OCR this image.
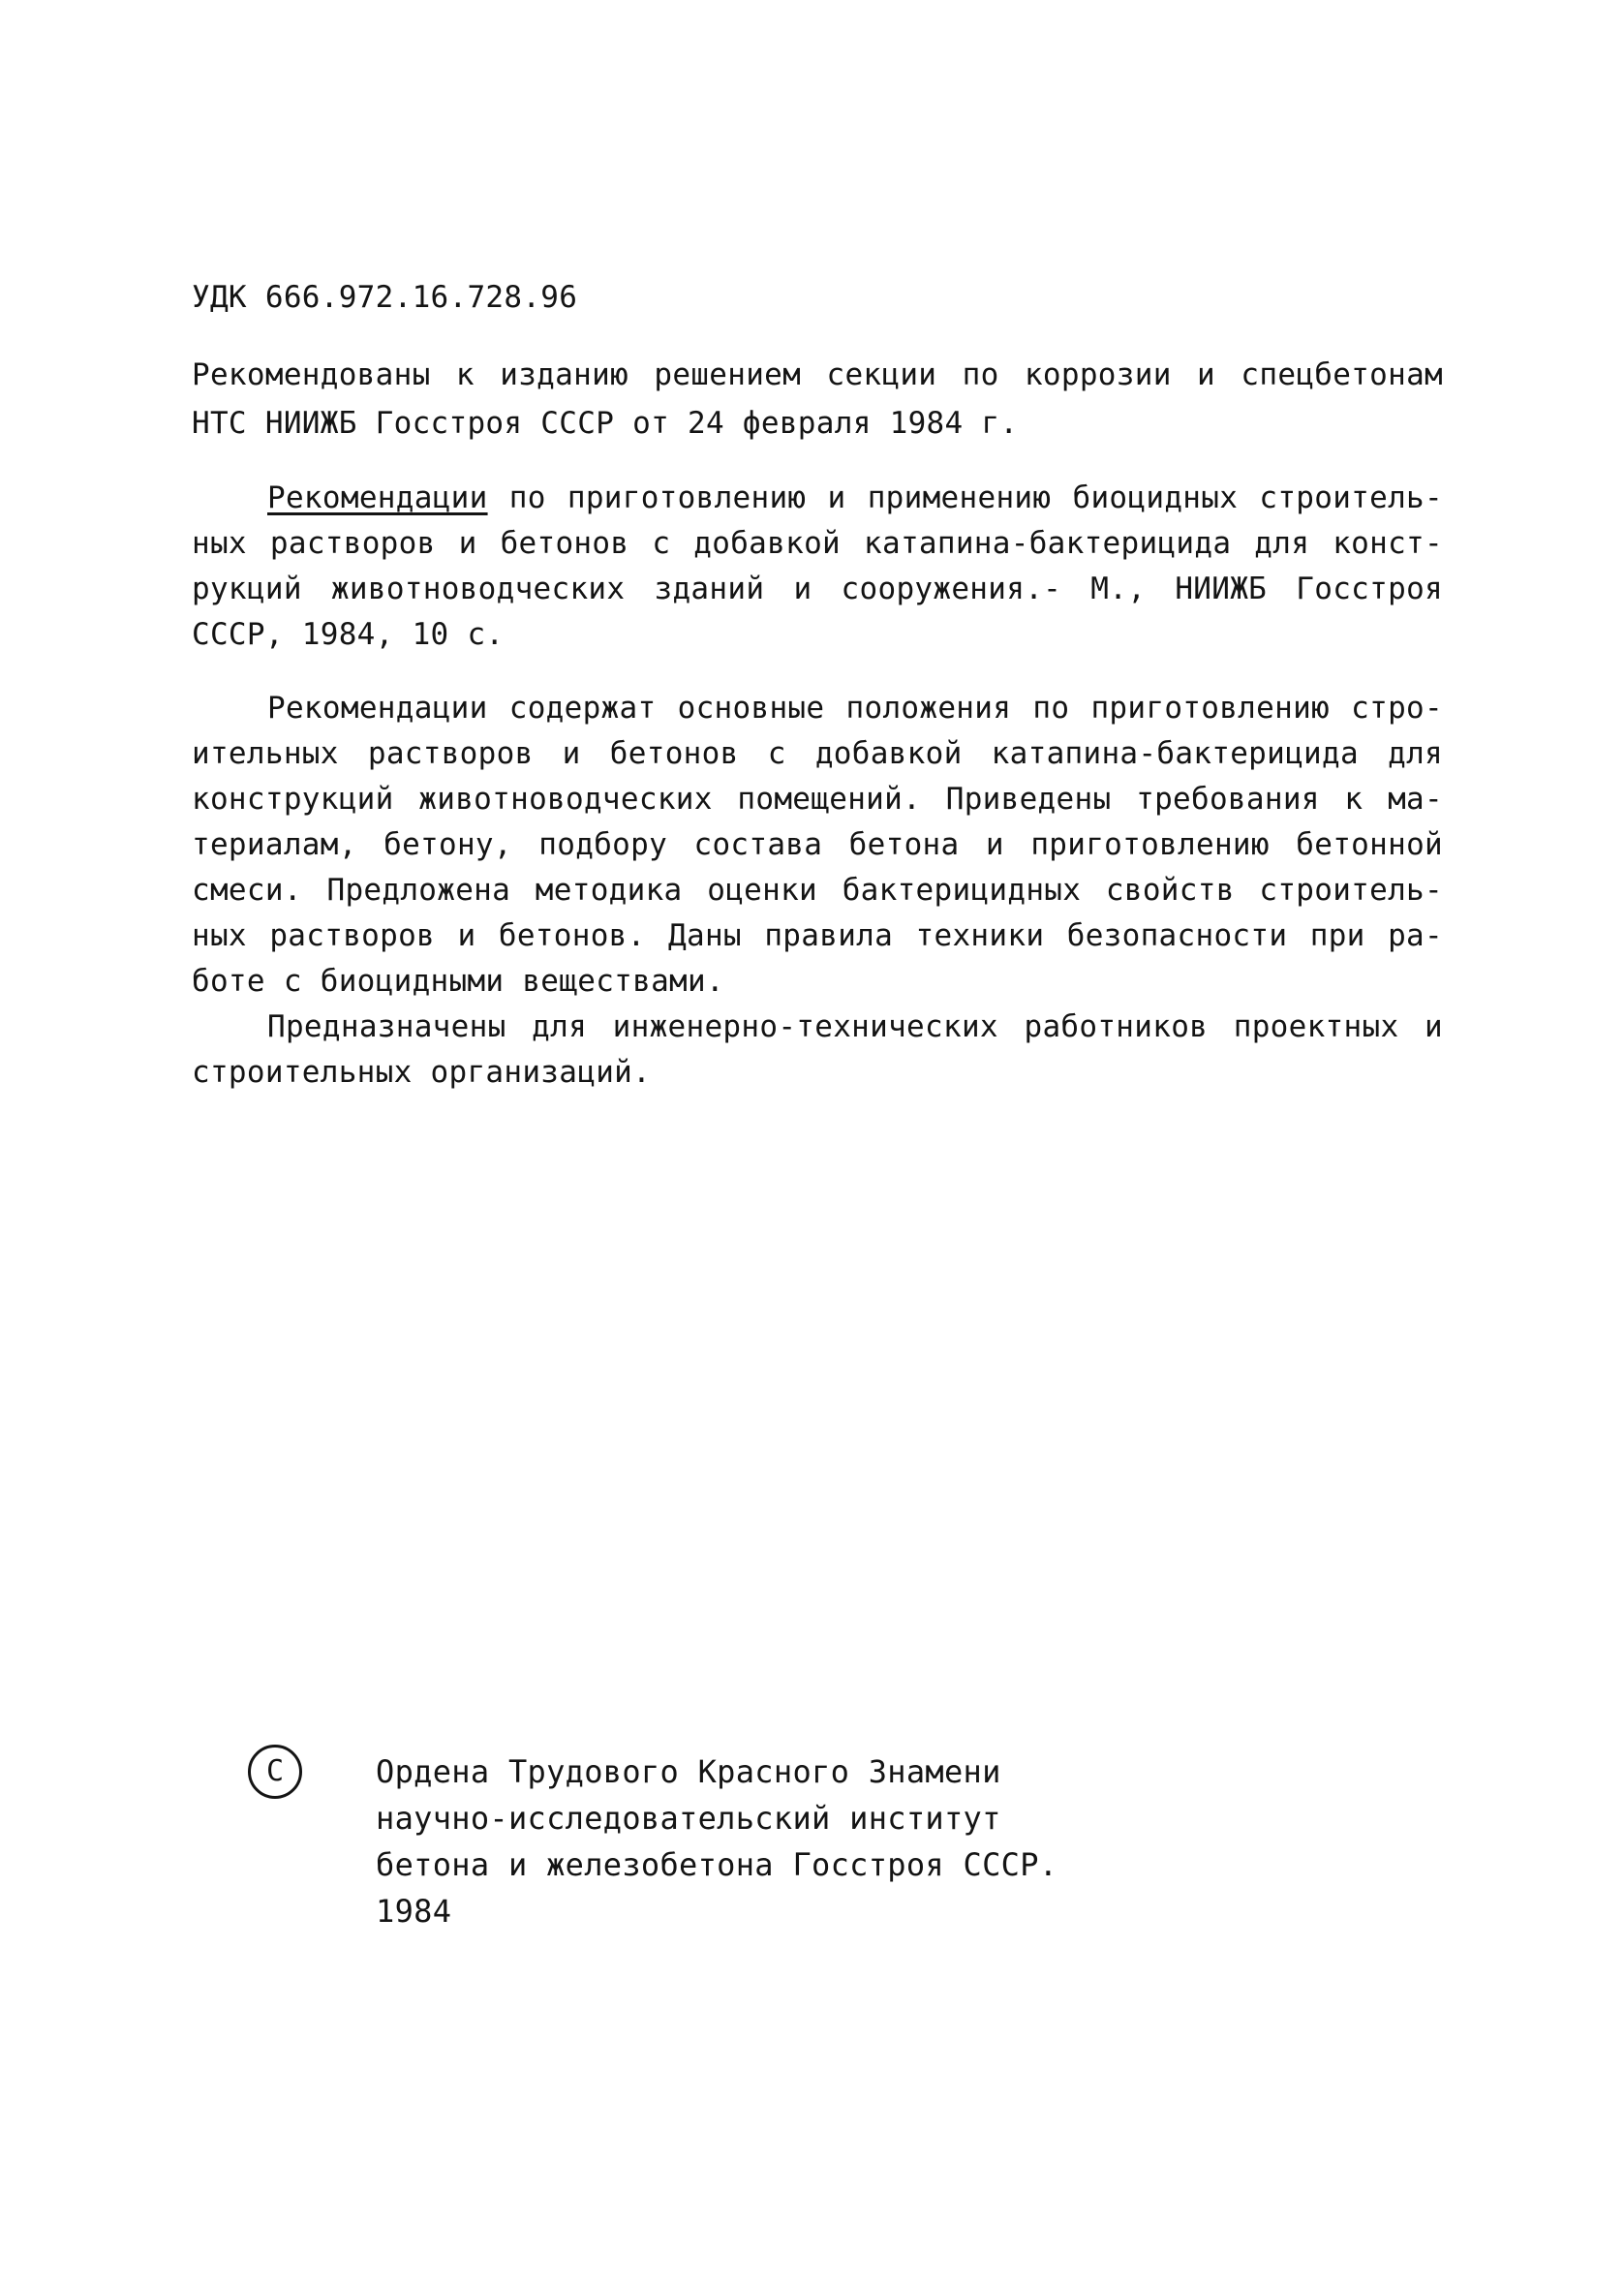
УДК 666.972.16.728.96

Рекомендованы к изданию решением секции по коррозии и спецбетонам

НТС НИИЖБ Госстроя СССР от 24 февраля 1984 г.

Рекомендации по приготовлению и применению биоцидных строитель-

ных растворов и бетонов с добавкой катапина-бактерицида для конст-

рукций животноводческих зданий и сооружения.- М., НИИЖБ Госстроя

СССР, 1984, 10 с.

Рекомендации содержат основные положения по приготовлению стро-

ительных растворов и бетонов с добавкой катапина-бактерицида для

конструкций животноводческих помещений. Приведены требования к ма-

териалам, бетону, подбору состава бетона и приготовлению бетонной

смеси. Предложена методика оценки бактерицидных свойств строитель-

ных растворов и бетонов. Даны правила техники безопасности при ра-

боте с биоцидными веществами.

Предназначены для инженерно-технических работников проектных и

строительных организаций.

C	Ордена Трудового Красного Знамени

научно-исследовательский институт

бетона и железобетона Госстроя СССР.

1984
